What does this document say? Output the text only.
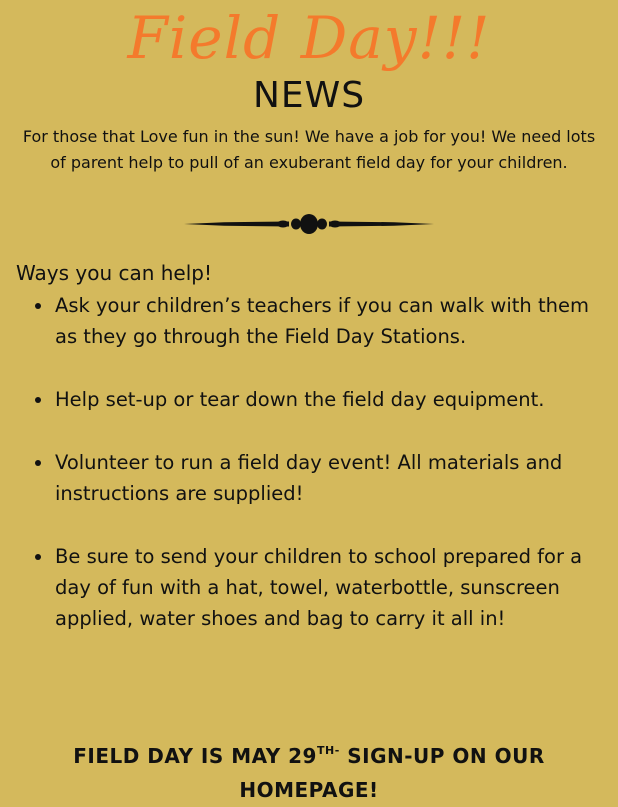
Field Day!!!
NEWS
For those that Love fun in the sun! We have a job for you! We need lots of parent help to pull of an exuberant field day for your children.
Ways you can help!
Ask your children’s teachers if you can walk with them as they go through the Field Day Stations.
Help set-up or tear down the field day equipment.
Volunteer to run a field day event! All materials and instructions are supplied!
Be sure to send your children to school prepared for a day of fun with a hat, towel, waterbottle, sunscreen applied, water shoes and bag to carry it all in!
FIELD DAY IS MAY $29^{TH-}$ SIGN-UP ON OUR HOMEPAGE!
